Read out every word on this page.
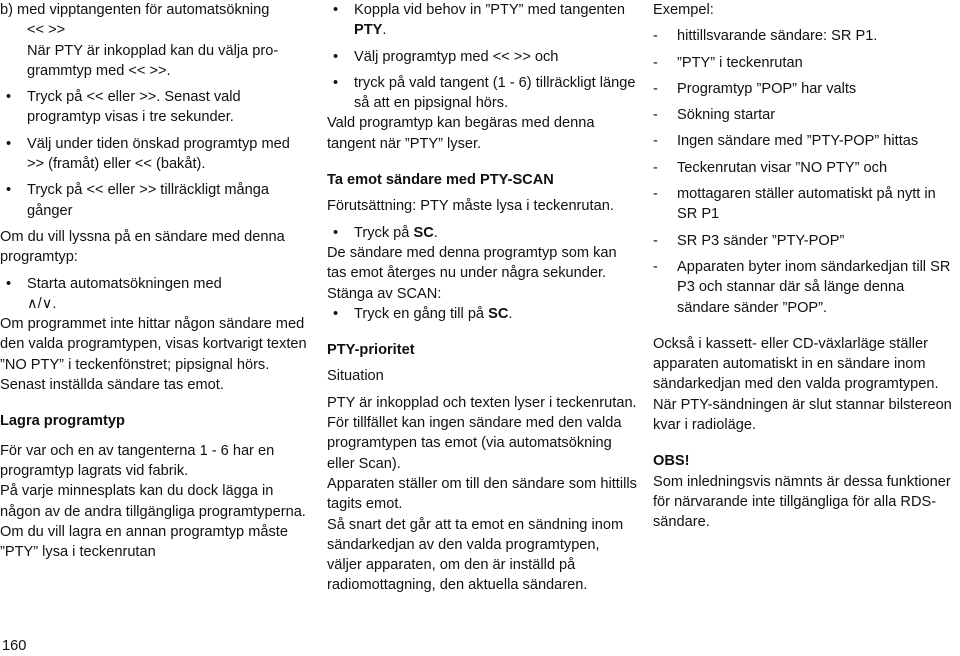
b) med vipptangenten för automatsökning

<< >>

När PTY är inkopplad kan du välja pro-grammtyp med << >>.

• Tryck på << eller >>. Senast vald programtyp visas i tre sekunder.

• Välj under tiden önskad programtyp med >> (framåt) eller << (bakåt).

• Tryck på << eller >> tillräckligt många gånger

Om du vill lyssna på en sändare med denna programtyp:

• Starta automatsökningen med
∧/∨.

Om programmet inte hittar någon sändare med den valda programtypen, visas kortvarigt texten ”NO PTY” i teckenfönstret; pipsignal hörs. Senast inställda sändare tas emot.

Lagra programtyp

För var och en av tangenterna 1 - 6 har en programtyp lagrats vid fabrik.

På varje minnesplats kan du dock lägga in någon av de andra tillgängliga programtyperna.

Om du vill lagra en annan programtyp måste ”PTY” lysa i teckenrutan

• Koppla vid behov in ”PTY” med tangenten PTY.

• Välj programtyp med << >> och

• tryck på vald tangent (1 - 6) tillräckligt länge så att en pipsignal hörs.

Vald programtyp kan begäras med denna tangent när ”PTY” lyser.

Ta emot sändare med PTY-SCAN

Förutsättning: PTY måste lysa i teckenrutan.

• Tryck på SC.

De sändare med denna programtyp som kan tas emot återges nu under några sekunder.

Stänga av SCAN:

• Tryck en gång till på SC.

PTY-prioritet

Situation

PTY är inkopplad och texten lyser i teckenrutan.

För tillfället kan ingen sändare med den valda programtypen tas emot (via automatsökning eller Scan).

Apparaten ställer om till den sändare som hittills tagits emot.

Så snart det går att ta emot en sändning inom sändarkedjan av den valda programtypen, väljer apparaten, om den är inställd på radiomottagning, den aktuella sändaren.

Exempel:

- hittillsvarande sändare: SR P1.

- ”PTY” i teckenrutan

- Programtyp ”POP” har valts

- Sökning startar

- Ingen sändare med ”PTY-POP” hittas

- Teckenrutan visar ”NO PTY” och

- mottagaren ställer automatiskt på nytt in SR P1

- SR P3 sänder ”PTY-POP”

- Apparaten byter inom sändarkedjan till SR P3 och stannar där så länge denna sändare sänder ”POP”.

Också i kassett- eller CD-växlarläge ställer apparaten automatiskt in en sändare inom sändarkedjan med den valda programtypen. När PTY-sändningen är slut stannar bilstereon kvar i radioläge.

OBS!

Som inledningsvis nämnts är dessa funktioner för närvarande inte tillgängliga för alla RDS-sändare.

160
